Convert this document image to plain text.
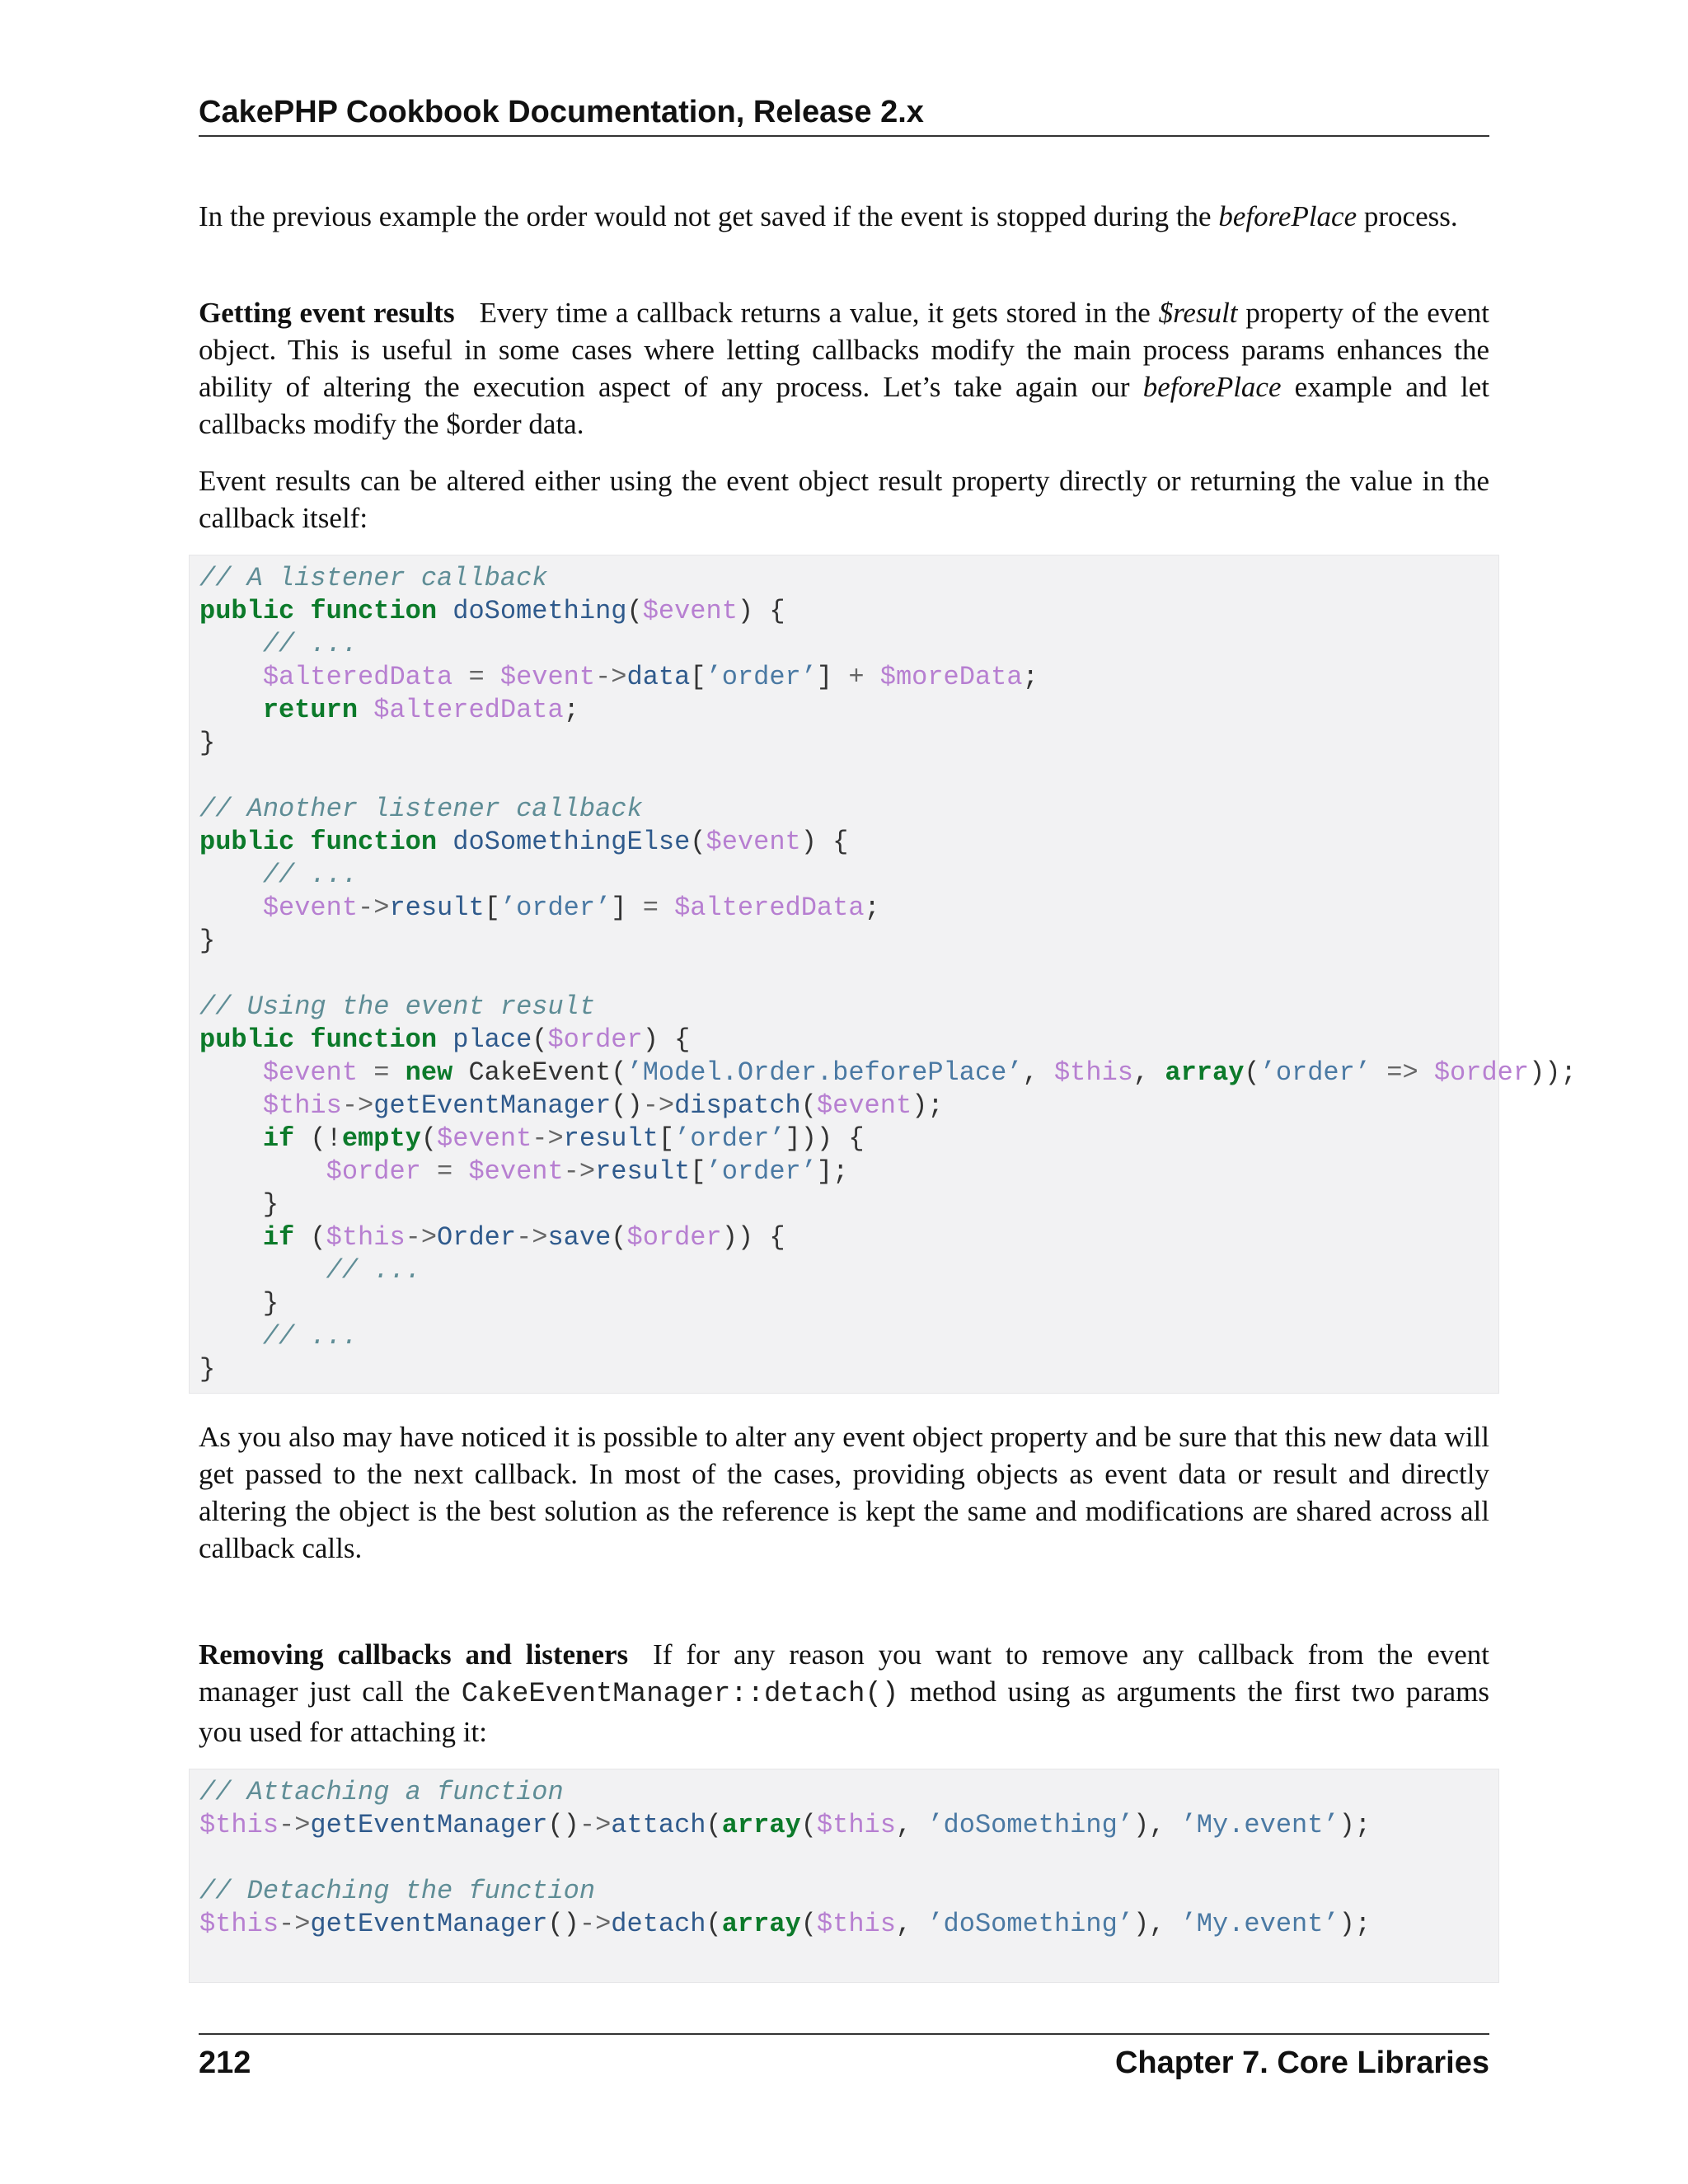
CakePHP Cookbook Documentation, Release 2.x

In the previous example the order would not get saved if the event is stopped during the beforePlace process.

Getting event results Every time a callback returns a value, it gets stored in the $result property of the event object. This is useful in some cases where letting callbacks modify the main process params enhances the ability of altering the execution aspect of any process. Let’s take again our beforePlace example and let callbacks modify the $order data.

Event results can be altered either using the event object result property directly or returning the value in the callback itself:

// A listener callback
public function doSomething($event) {
// ...
$alteredData = $event->data[’order’] + $moreData;
return $alteredData;
}
// Another listener callback
public function doSomethingElse($event) {
// ...
$event->result[’order’] = $alteredData;
}
// Using the event result
public function place($order) {
$event = new CakeEvent(’Model.Order.beforePlace’, $this, array(’order’ => $order));
$this->getEventManager()->dispatch($event);
if (!empty($event->result[’order’])) {
$order = $event->result[’order’];
}
if ($this->Order->save($order)) {
// ...
}
// ...
}

As you also may have noticed it is possible to alter any event object property and be sure that this new data will get passed to the next callback. In most of the cases, providing objects as event data or result and directly altering the object is the best solution as the reference is kept the same and modifications are shared across all callback calls.

Removing callbacks and listeners If for any reason you want to remove any callback from the event manager just call the CakeEventManager::detach() method using as arguments the first two params you used for attaching it:

// Attaching a function
$this->getEventManager()->attach(array($this, ’doSomething’), ’My.event’);
// Detaching the function
$this->getEventManager()->detach(array($this, ’doSomething’), ’My.event’);
212	Chapter 7. Core Libraries
